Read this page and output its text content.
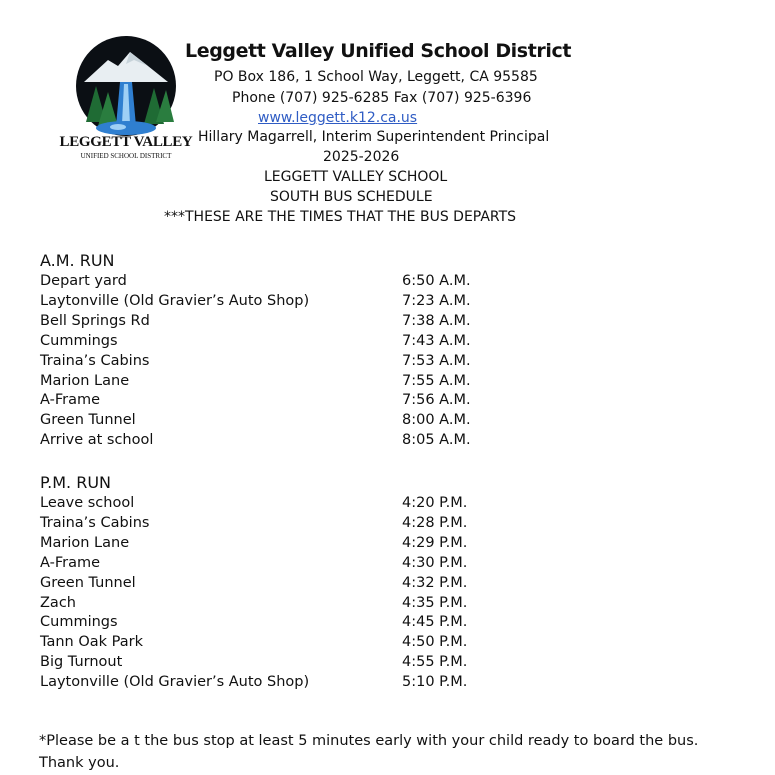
LEGGETT VALLEY
UNIFIED SCHOOL DISTRICT
Leggett Valley Unified School District
PO Box 186, 1 School Way, Leggett, CA 95585
Phone (707) 925-6285 Fax (707) 925-6396
www.leggett.k12.ca.us
Hillary Magarrell, Interim Superintendent Principal
2025-2026
LEGGETT VALLEY SCHOOL
SOUTH BUS SCHEDULE
***THESE ARE THE TIMES THAT THE BUS DEPARTS
A.M. RUN
Depart yard	6:50 A.M.
Laytonville (Old Gravier’s Auto Shop)	7:23 A.M.
Bell Springs Rd	7:38 A.M.
Cummings	7:43 A.M.
Traina’s Cabins	7:53 A.M.
Marion Lane	7:55 A.M.
A-Frame	7:56 A.M.
Green Tunnel	8:00 A.M.
Arrive at school	8:05 A.M.
P.M. RUN
Leave school	4:20 P.M.
Traina’s Cabins	4:28 P.M.
Marion Lane	4:29 P.M.
A-Frame	4:30 P.M.
Green Tunnel	4:32 P.M.
Zach	4:35 P.M.
Cummings	4:45 P.M.
Tann Oak Park	4:50 P.M.
Big Turnout	4:55 P.M.
Laytonville (Old Gravier’s Auto Shop)	5:10 P.M.
*Please be a t the bus stop at least 5 minutes early with your child ready to board the bus.
Thank you.
